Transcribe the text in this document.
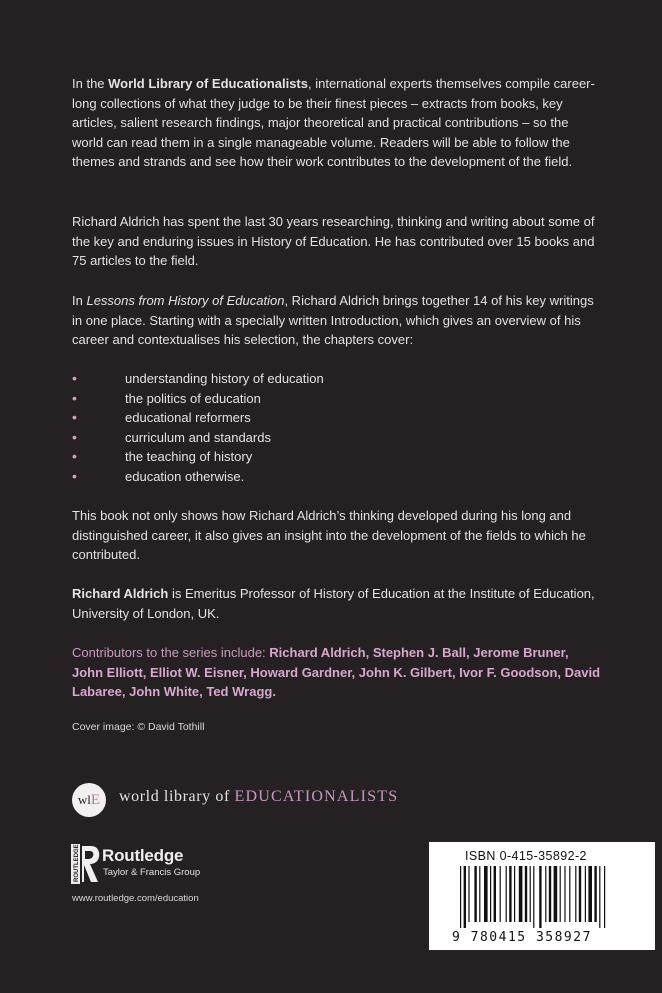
In the World Library of Educationalists, international experts themselves compile career-long collections of what they judge to be their finest pieces – extracts from books, key articles, salient research findings, major theoretical and practical contributions – so the world can read them in a single manageable volume. Readers will be able to follow the themes and strands and see how their work contributes to the development of the field.

Richard Aldrich has spent the last 30 years researching, thinking and writing about some of the key and enduring issues in History of Education. He has contributed over 15 books and 75 articles to the field.

In Lessons from History of Education, Richard Aldrich brings together 14 of his key writings in one place. Starting with a specially written Introduction, which gives an overview of his career and contextualises his selection, the chapters cover:

•	understanding history of education
•	the politics of education
•	educational reformers
•	curriculum and standards
•	the teaching of history
•	education otherwise.

This book not only shows how Richard Aldrich’s thinking developed during his long and distinguished career, it also gives an insight into the development of the fields to which he contributed.

Richard Aldrich is Emeritus Professor of History of Education at the Institute of Education, University of London, UK.

Contributors to the series include: Richard Aldrich, Stephen J. Ball, Jerome Bruner, John Elliott, Elliot W. Eisner, Howard Gardner, John K. Gilbert, Ivor F. Goodson, David Labaree, John White, Ted Wragg.

Cover image: © David Tothill
wlE	world library of EDUCATIONALISTS
ROUTLEDGE Routledge
Taylor & Francis Group
www.routledge.com/education
ISBN 0-415-35892-2
9 780415 358927
